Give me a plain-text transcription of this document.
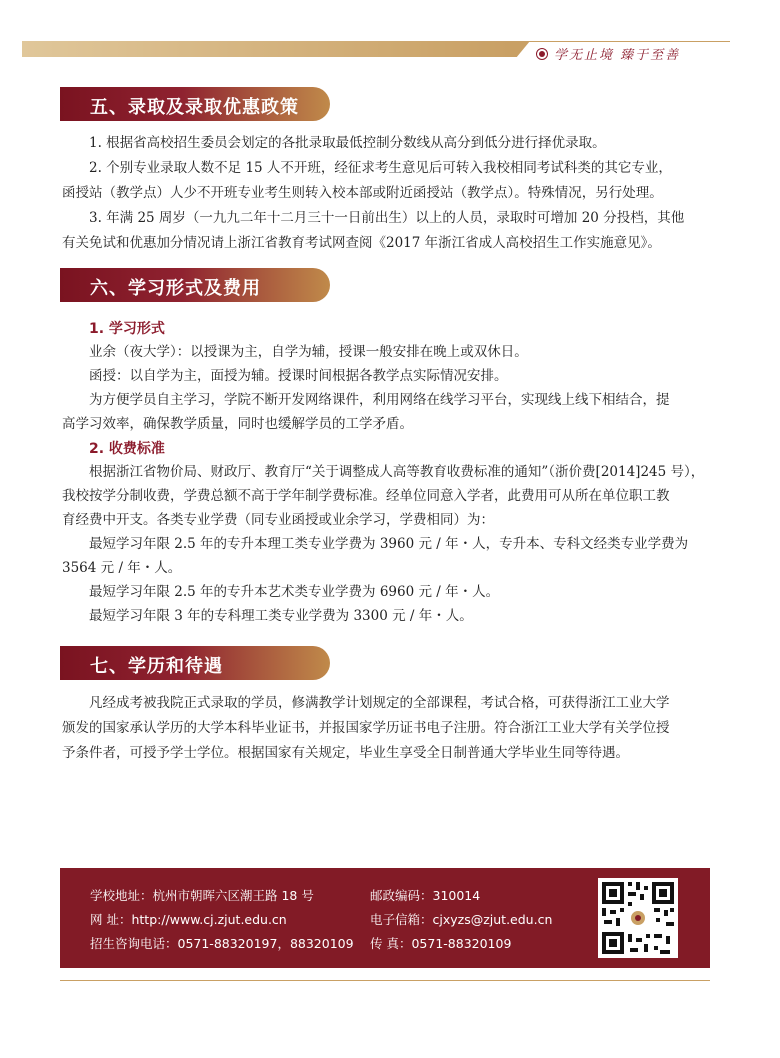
学无止境 臻于至善
五、录取及录取优惠政策

1. 根据省高校招生委员会划定的各批录取最低控制分数线从高分到低分进行择优录取。

2. 个别专业录取人数不足 15 人不开班，经征求考生意见后可转入我校相同考试科类的其它专业，

函授站（教学点）人少不开班专业考生则转入校本部或附近函授站（教学点）。特殊情况，另行处理。

3. 年满 25 周岁（一九九二年十二月三十一日前出生）以上的人员，录取时可增加 20 分投档，其他

有关免试和优惠加分情况请上浙江省教育考试网查阅《2017 年浙江省成人高校招生工作实施意见》。

六、学习形式及费用

1. 学习形式

业余（夜大学）：以授课为主，自学为辅，授课一般安排在晚上或双休日。

函授：以自学为主，面授为辅。授课时间根据各教学点实际情况安排。

为方便学员自主学习，学院不断开发网络课件，利用网络在线学习平台，实现线上线下相结合，提

高学习效率，确保教学质量，同时也缓解学员的工学矛盾。

2. 收费标准

根据浙江省物价局、财政厅、教育厅“关于调整成人高等教育收费标准的通知”（浙价费[2014]245 号），

我校按学分制收费，学费总额不高于学年制学费标准。经单位同意入学者，此费用可从所在单位职工教

育经费中开支。各类专业学费（同专业函授或业余学习，学费相同）为：

最短学习年限 2.5 年的专升本理工类专业学费为 3960 元 / 年・人，专升本、专科文经类专业学费为

3564 元 / 年・人。

最短学习年限 2.5 年的专升本艺术类专业学费为 6960 元 / 年・人。

最短学习年限 3 年的专科理工类专业学费为 3300 元 / 年・人。

七、学历和待遇

凡经成考被我院正式录取的学员，修满教学计划规定的全部课程，考试合格，可获得浙江工业大学

颁发的国家承认学历的大学本科毕业证书，并报国家学历证书电子注册。符合浙江工业大学有关学位授

予条件者，可授予学士学位。根据国家有关规定，毕业生享受全日制普通大学毕业生同等待遇。

学校地址：杭州市朝晖六区潮王路 18 号
网 址：http://www.cj.zjut.edu.cn
招生咨询电话：0571-88320197，88320109
邮政编码：310014
电子信箱：cjxyzs@zjut.edu.cn
传 真：0571-88320109
